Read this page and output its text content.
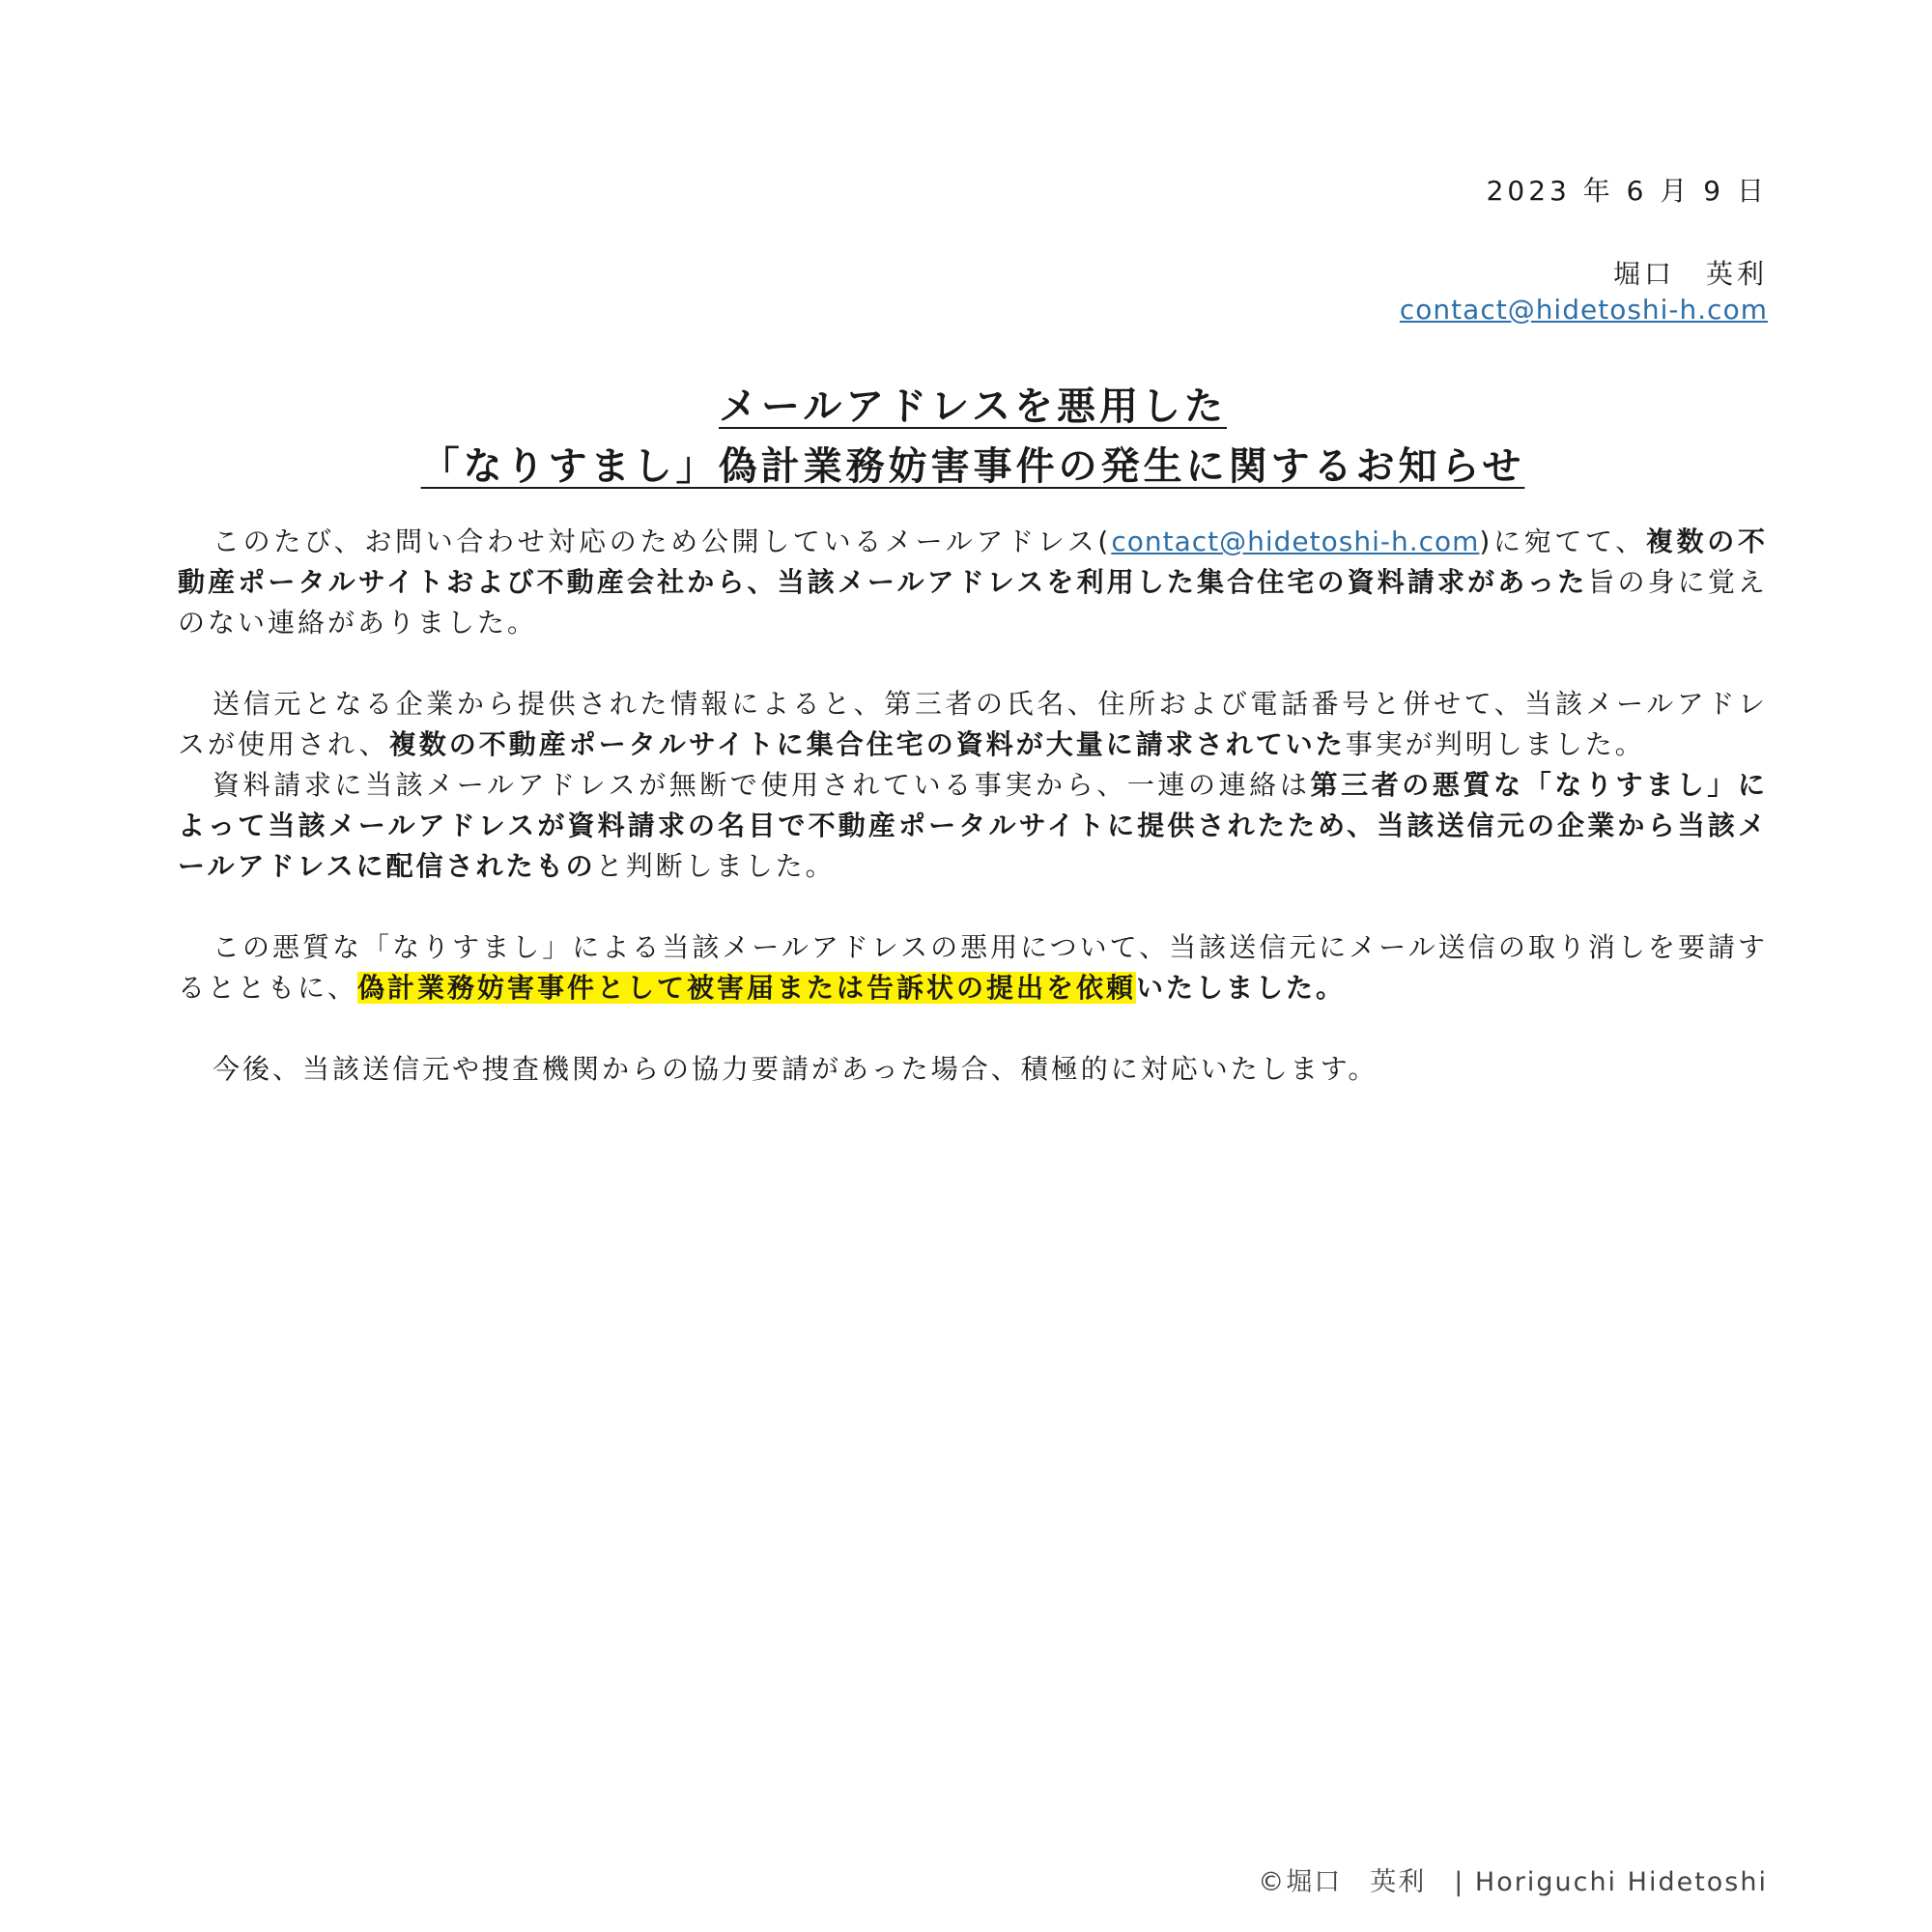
2023 年 6 月 9 日
堀口　英利
contact@hidetoshi-h.com
メールアドレスを悪用した
「なりすまし」偽計業務妨害事件の発生に関するお知らせ

このたび、お問い合わせ対応のため公開しているメールアドレス(contact@hidetoshi-h.com)に宛てて、複数の不動産ポータルサイトおよび不動産会社から、当該メールアドレスを利用した集合住宅の資料請求があった旨の身に覚えのない連絡がありました。

送信元となる企業から提供された情報によると、第三者の氏名、住所および電話番号と併せて、当該メールアドレスが使用され、複数の不動産ポータルサイトに集合住宅の資料が大量に請求されていた事実が判明しました。

資料請求に当該メールアドレスが無断で使用されている事実から、一連の連絡は第三者の悪質な「なりすまし」によって当該メールアドレスが資料請求の名目で不動産ポータルサイトに提供されたため、当該送信元の企業から当該メールアドレスに配信されたものと判断しました。

この悪質な「なりすまし」による当該メールアドレスの悪用について、当該送信元にメール送信の取り消しを要請するとともに、偽計業務妨害事件として被害届または告訴状の提出を依頼いたしました。

今後、当該送信元や捜査機関からの協力要請があった場合、積極的に対応いたします。

©堀口　英利　| Horiguchi Hidetoshi
